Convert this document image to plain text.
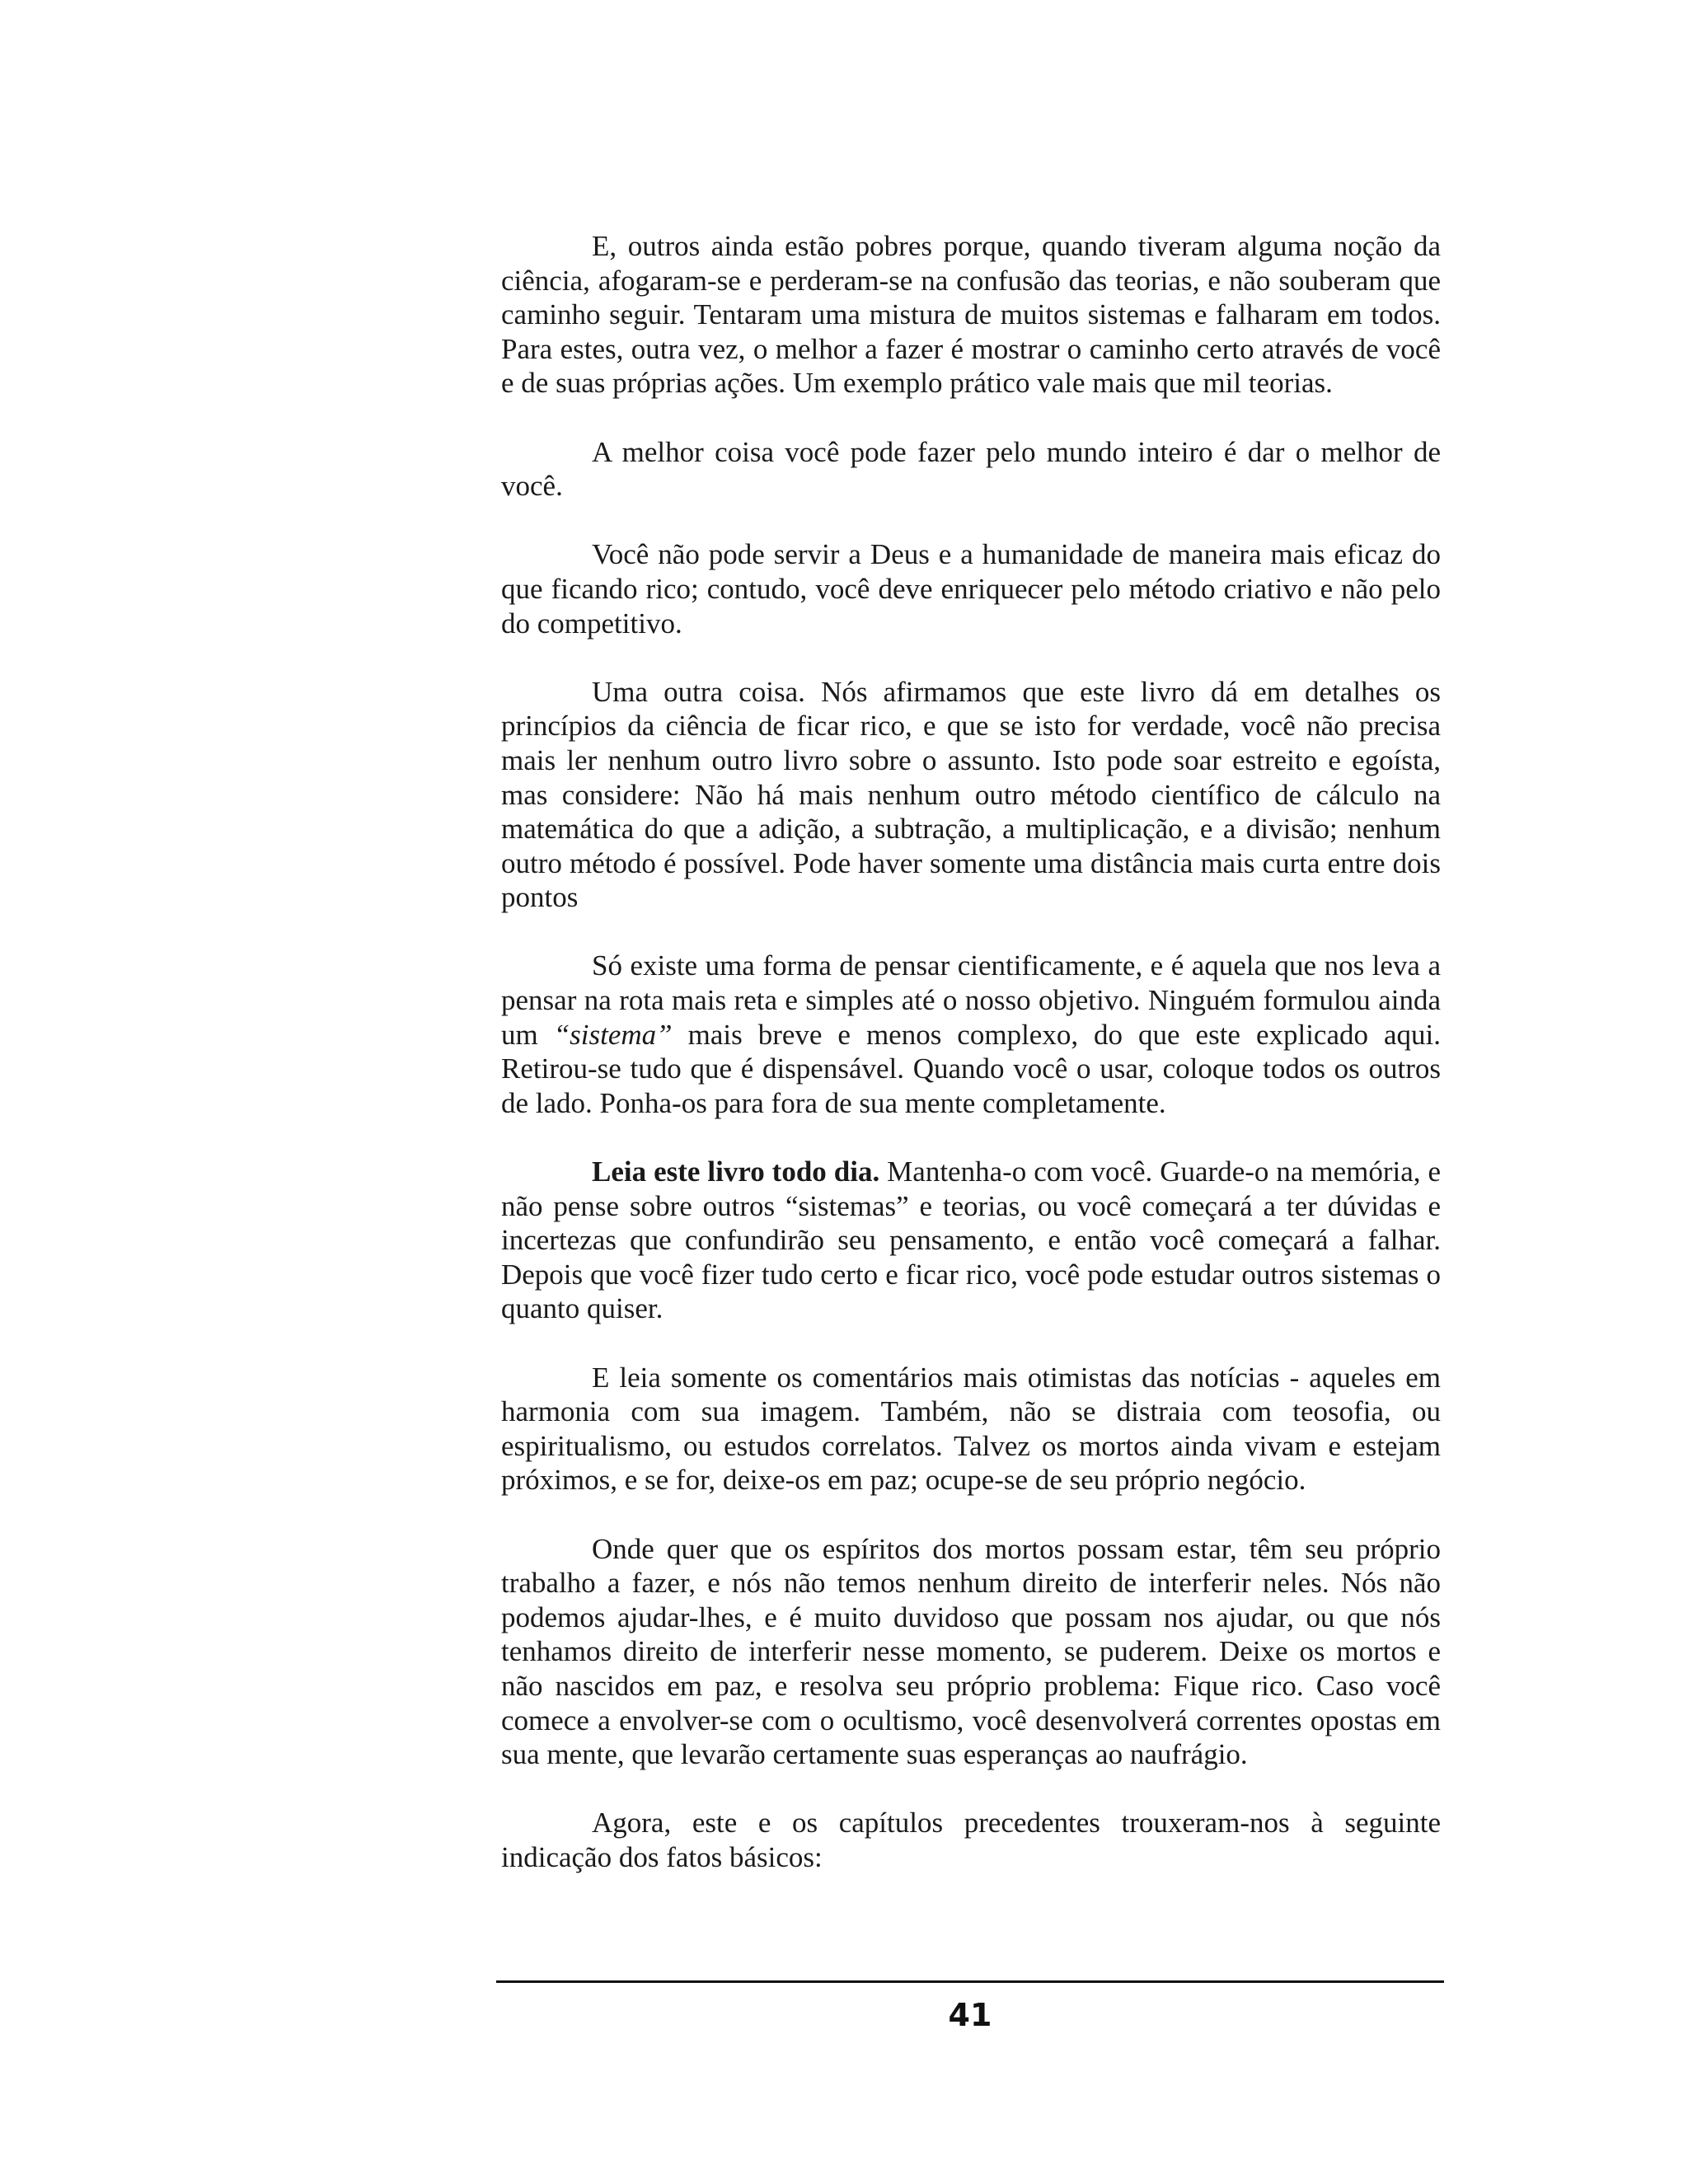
E, outros ainda estão pobres porque, quando tiveram alguma noção da ciência, afogaram-se e perderam-se na confusão das teorias, e não souberam que caminho seguir. Tentaram uma mistura de muitos sistemas e falharam em todos. Para estes, outra vez, o melhor a fazer é mostrar o caminho certo através de você e de suas próprias ações. Um exemplo prático vale mais que mil teorias.

A melhor coisa você pode fazer pelo mundo inteiro é dar o melhor de você.

Você não pode servir a Deus e a humanidade de maneira mais eficaz do que ficando rico; contudo, você deve enriquecer pelo método criativo e não pelo do competitivo.

Uma outra coisa. Nós afirmamos que este livro dá em detalhes os princípios da ciência de ficar rico, e que se isto for verdade, você não precisa mais ler nenhum outro livro sobre o assunto. Isto pode soar estreito e egoísta, mas considere: Não há mais nenhum outro método científico de cálculo na matemática do que a adição, a subtração, a multiplicação, e a divisão; nenhum outro método é possível. Pode haver somente uma distância mais curta entre dois pontos

Só existe uma forma de pensar cientificamente, e é aquela que nos leva a pensar na rota mais reta e simples até o nosso objetivo. Ninguém formulou ainda um “sistema” mais breve e menos complexo, do que este explicado aqui. Retirou-se tudo que é dispensável. Quando você o usar, coloque todos os outros de lado. Ponha-os para fora de sua mente completamente.

Leia este livro todo dia. Mantenha-o com você. Guarde-o na memória, e não pense sobre outros “sistemas” e teorias, ou você começará a ter dúvidas e incertezas que confundirão seu pensamento, e então você começará a falhar. Depois que você fizer tudo certo e ficar rico, você pode estudar outros sistemas o quanto quiser.

E leia somente os comentários mais otimistas das notícias - aqueles em harmonia com sua imagem. Também, não se distraia com teosofia, ou espiritualismo, ou estudos correlatos. Talvez os mortos ainda vivam e estejam próximos, e se for, deixe-os em paz; ocupe-se de seu próprio negócio.

Onde quer que os espíritos dos mortos possam estar, têm seu próprio trabalho a fazer, e nós não temos nenhum direito de interferir neles. Nós não podemos ajudar-lhes, e é muito duvidoso que possam nos ajudar, ou que nós tenhamos direito de interferir nesse momento, se puderem. Deixe os mortos e não nascidos em paz, e resolva seu próprio problema: Fique rico. Caso você comece a envolver-se com o ocultismo, você desenvolverá correntes opostas em sua mente, que levarão certamente suas esperanças ao naufrágio.

Agora, este e os capítulos precedentes trouxeram-nos à seguinte indicação dos fatos básicos:

41
